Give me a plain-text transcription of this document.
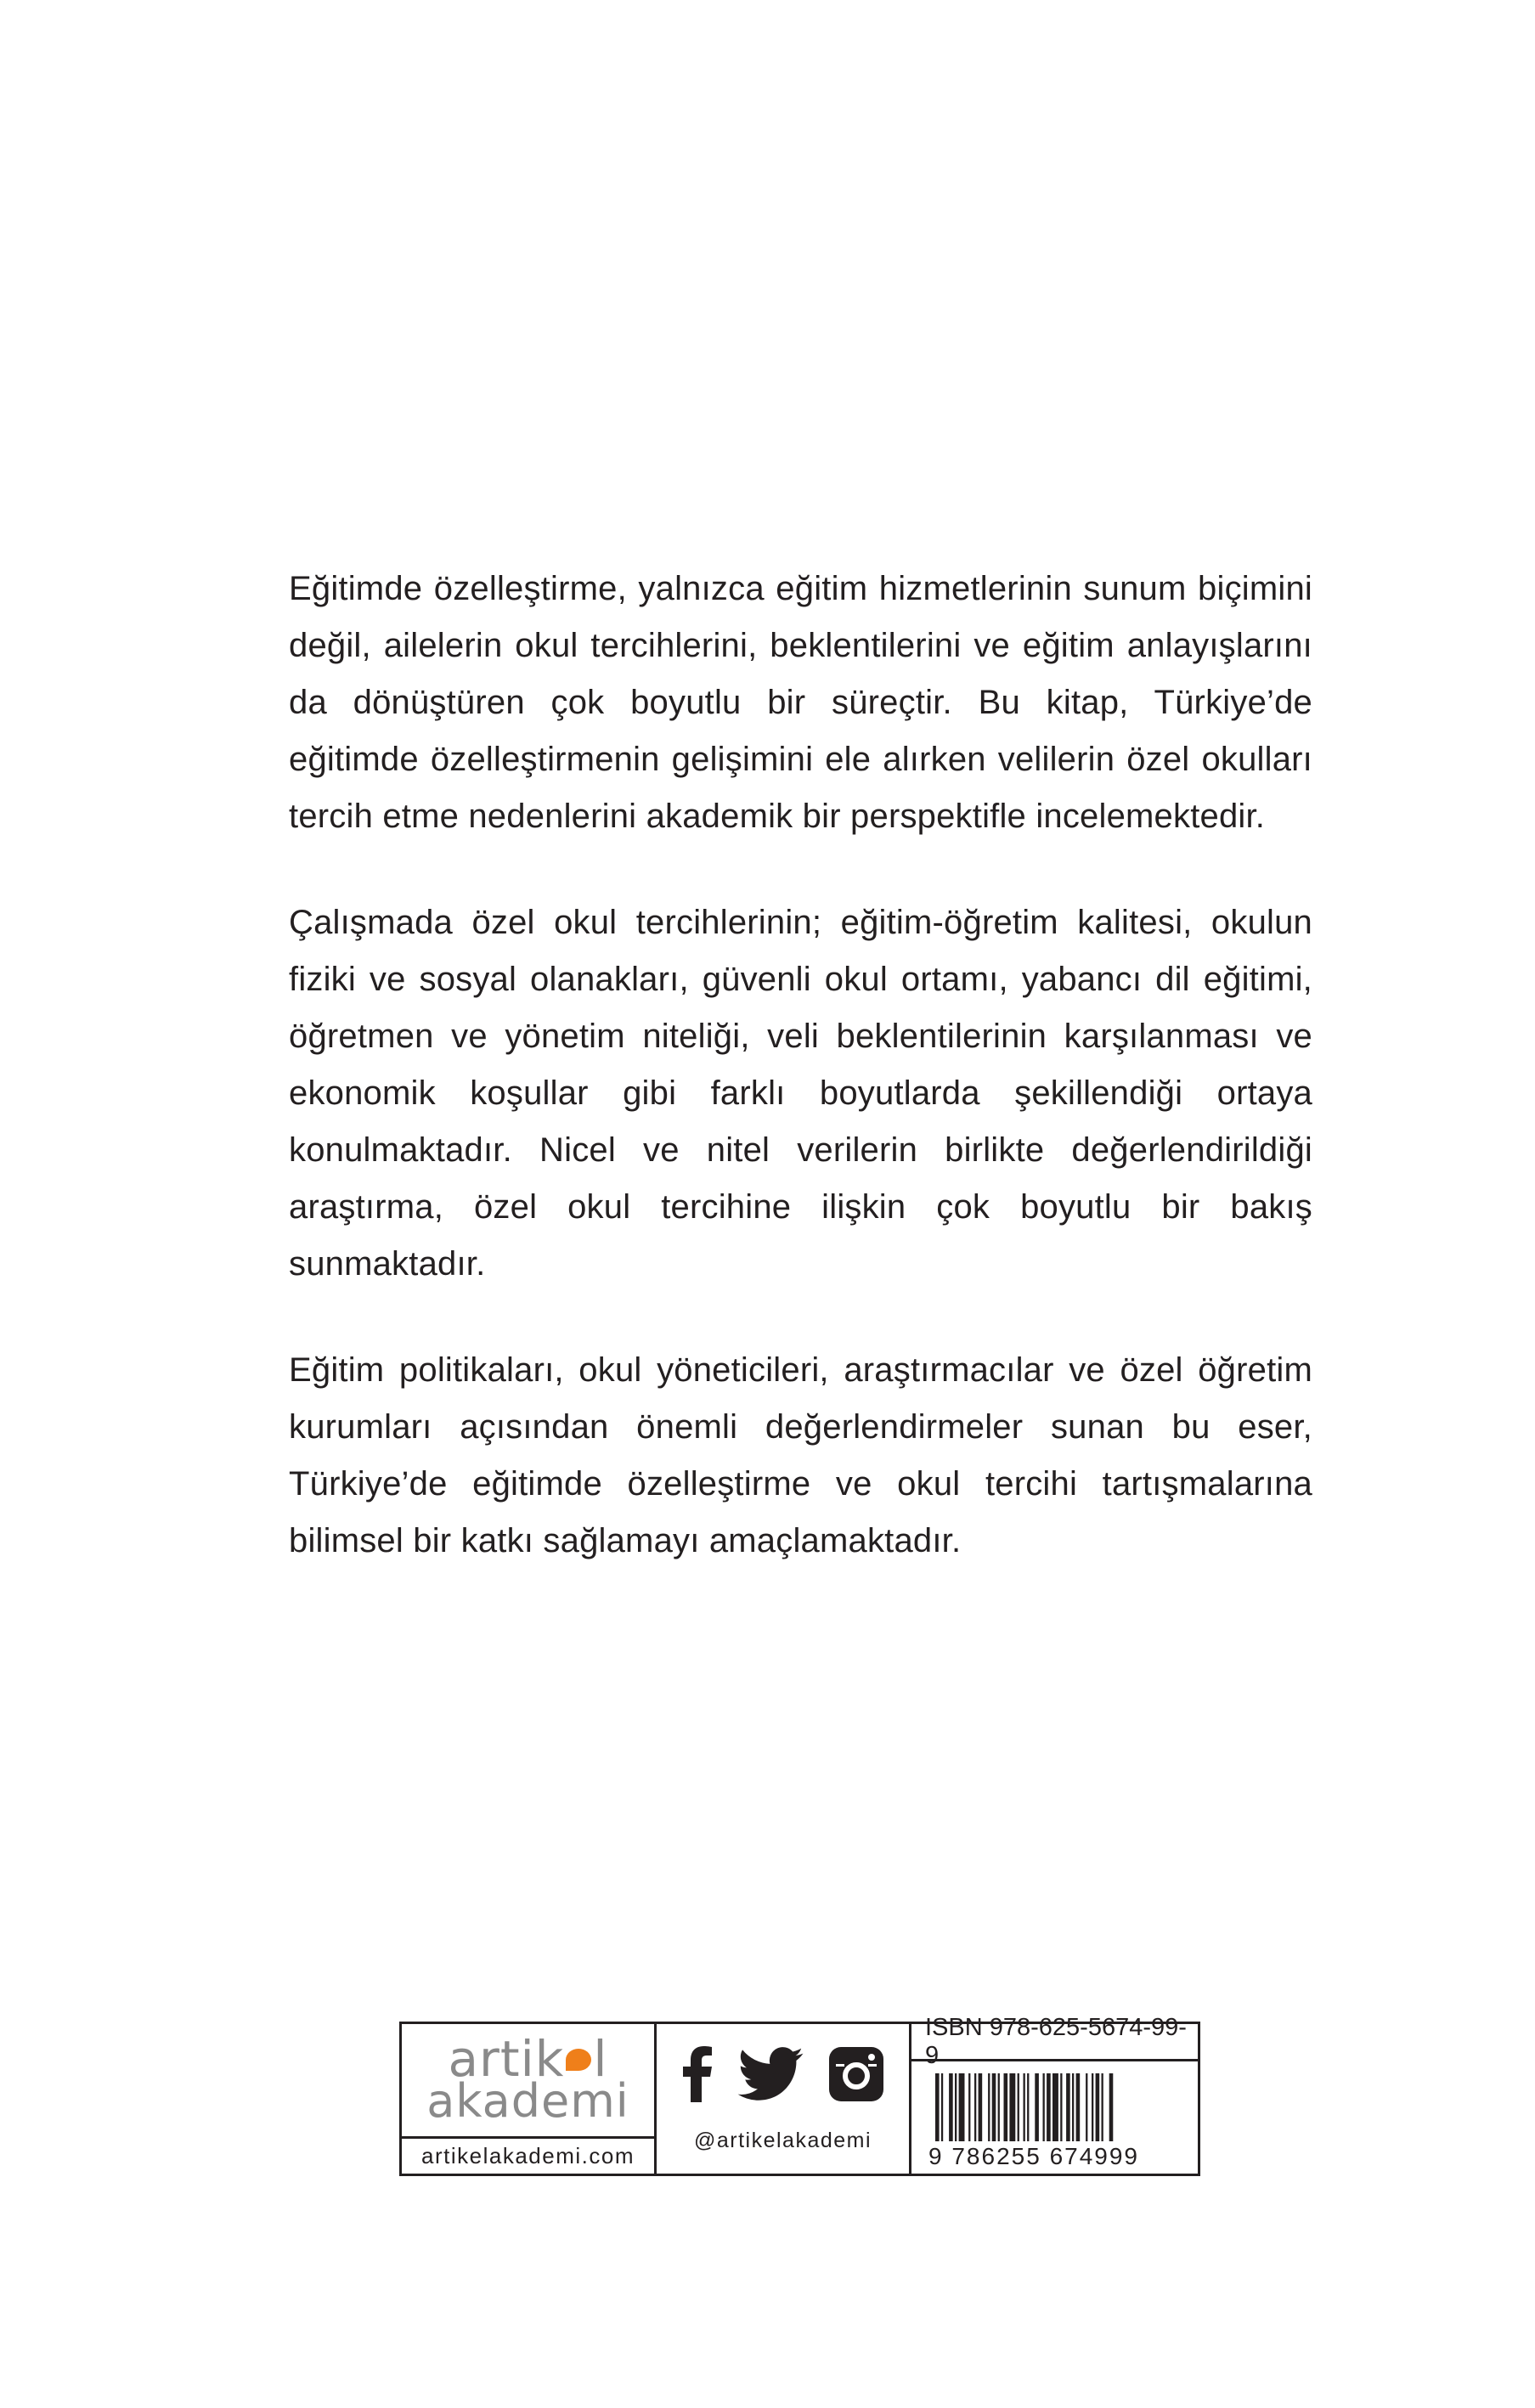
Eğitimde özelleştirme, yalnızca eğitim hizmetlerinin sunum biçimini değil, ailelerin okul tercihlerini, beklentilerini ve eğitim anlayışlarını da dönüştüren çok boyutlu bir süreçtir. Bu kitap, Türkiye’de eğitimde özelleştirmenin gelişimini ele alırken velilerin özel okulları tercih etme nedenlerini akademik bir perspektifle incelemektedir.

Çalışmada özel okul tercihlerinin; eğitim-öğretim kalitesi, okulun fiziki ve sosyal olanakları, güvenli okul ortamı, yabancı dil eğitimi, öğretmen ve yönetim niteliği, veli beklentilerinin karşılanması ve ekonomik koşullar gibi farklı boyutlarda şekillendiği ortaya konulmaktadır. Nicel ve nitel verilerin birlikte değerlendirildiği araştırma, özel okul tercihine ilişkin çok boyutlu bir bakış sunmaktadır.

Eğitim politikaları, okul yöneticileri, araştırmacılar ve özel öğretim kurumları açısından önemli değerlendirmeler sunan bu eser, Türkiye’de eğitimde özelleştirme ve okul tercihi tartışmalarına bilimsel bir katkı sağlamayı amaçlamaktadır.

artik l
akademi
artikelakademi.com
@artikelakademi
ISBN 978-625-5674-99-9
9 786255 674999
